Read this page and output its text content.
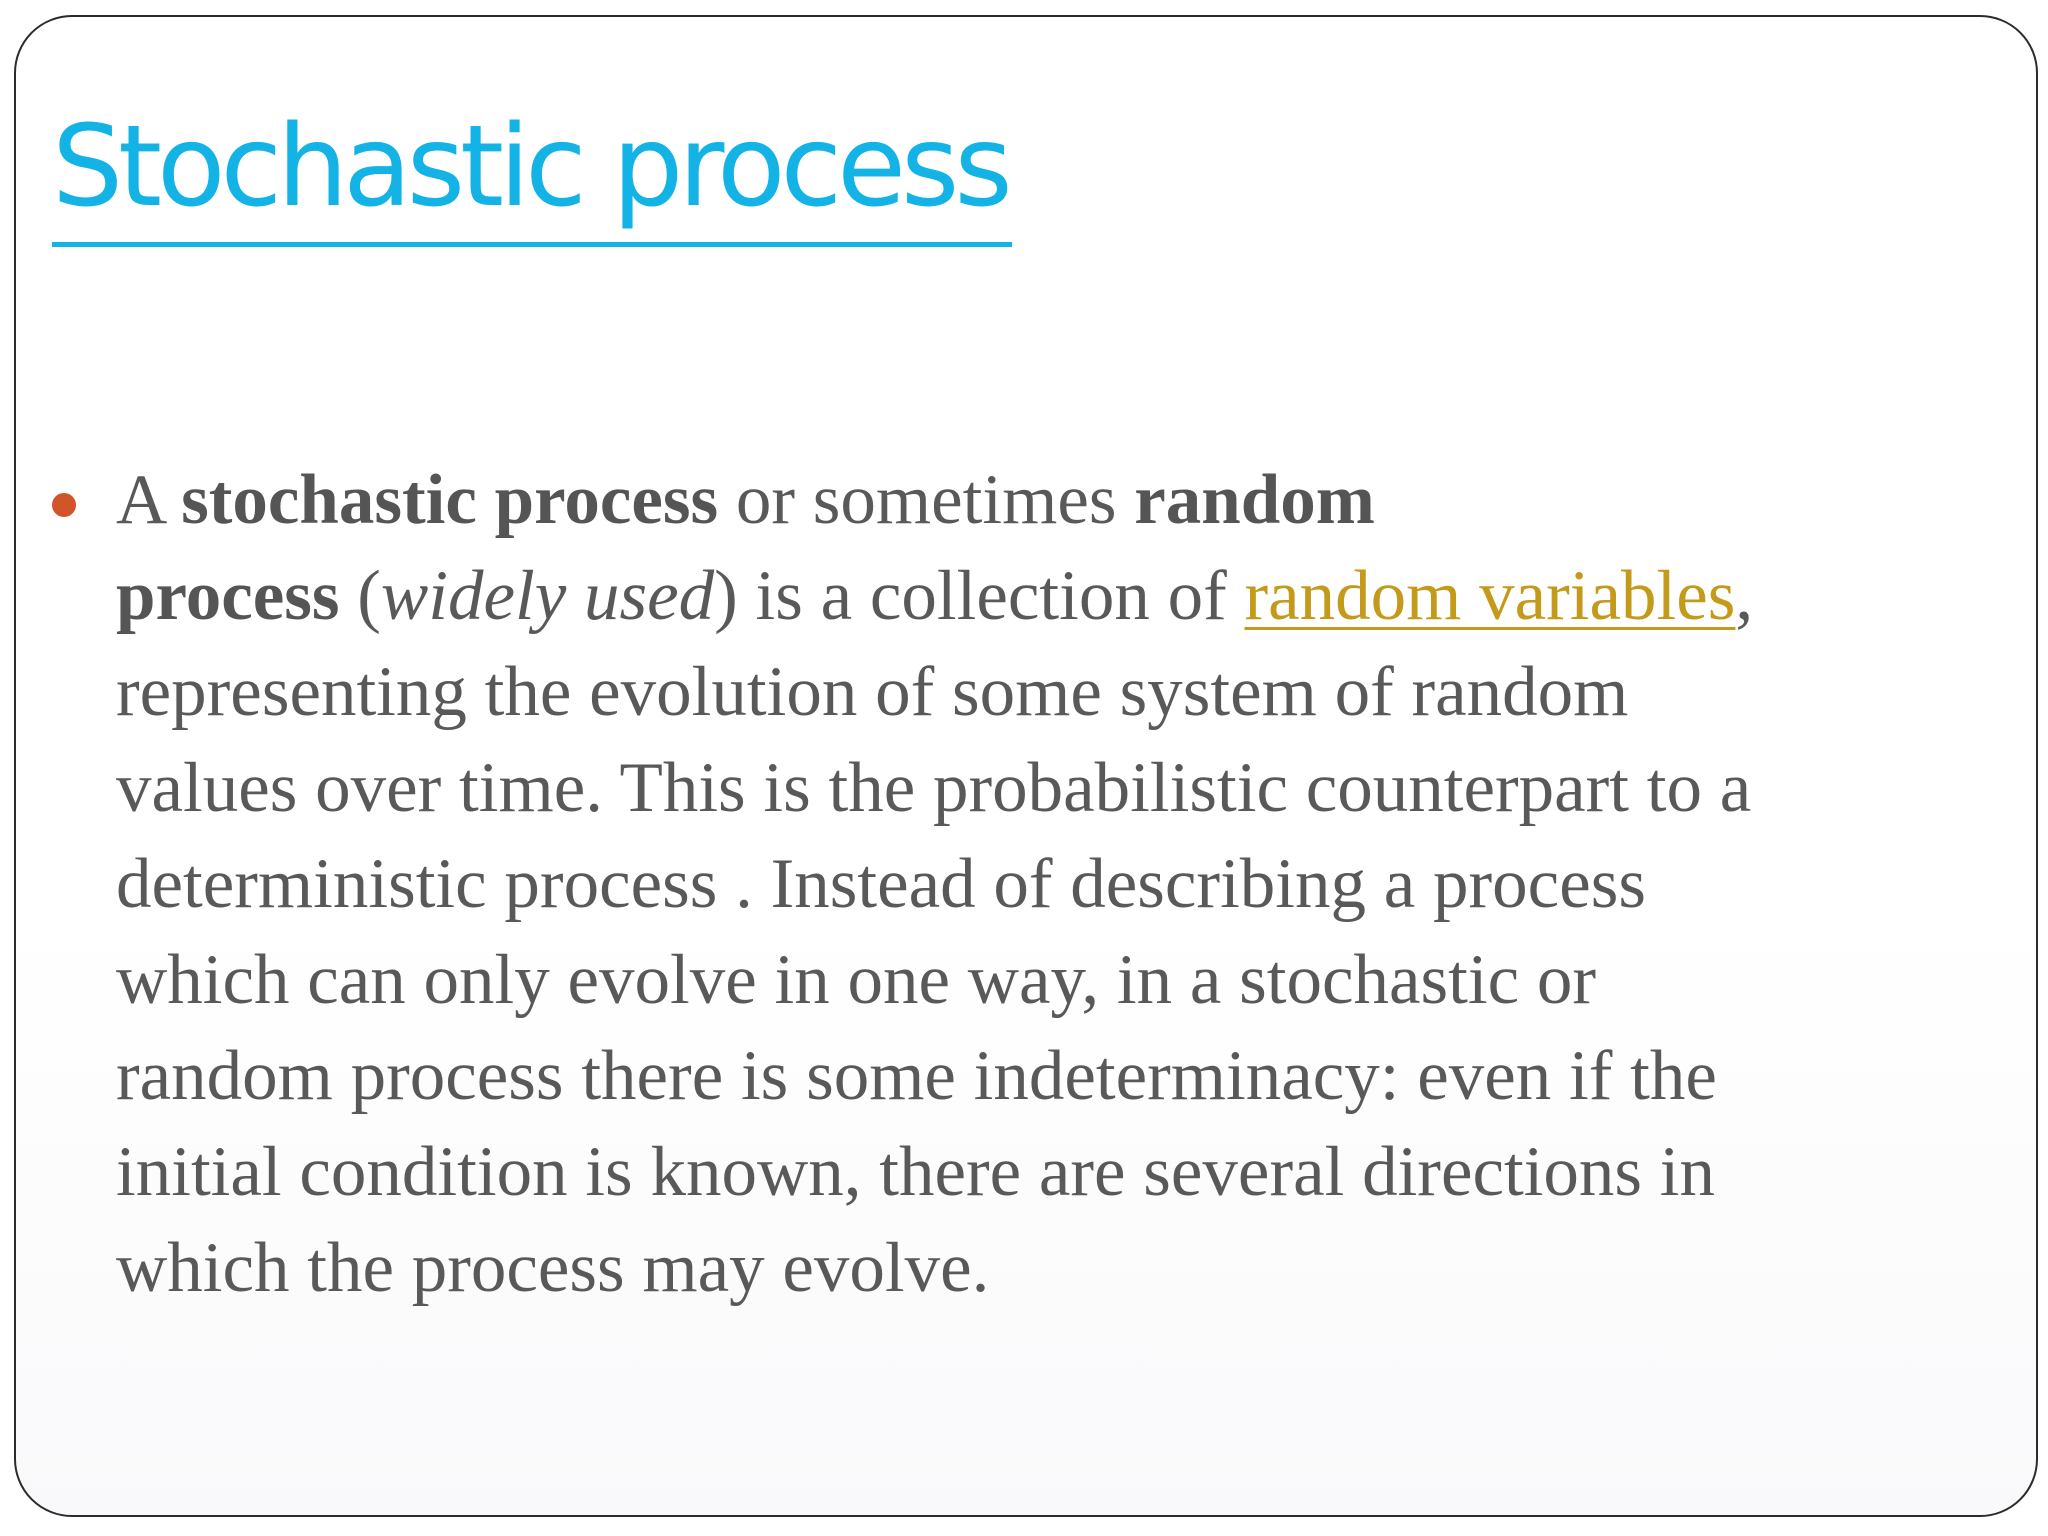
Stochastic process

A stochastic process or sometimes random
process (widely used) is a collection of random variables,
representing the evolution of some system of random
values over time. This is the probabilistic counterpart to a
deterministic process . Instead of describing a process
which can only evolve in one way, in a stochastic or
random process there is some indeterminacy: even if the
initial condition is known, there are several directions in
which the process may evolve.
